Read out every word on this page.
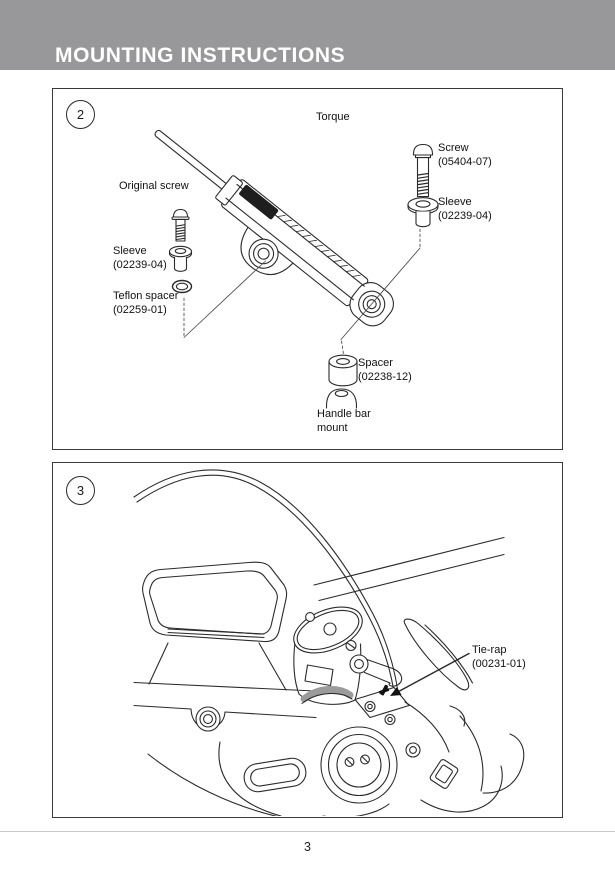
MOUNTING INSTRUCTIONS
2	Torque
Original screw
Screw
(05404-07)
Sleeve
(02239-04)
Sleeve
(02239-04)
Teflon spacer
(02259-01)
Spacer
(02238-12)
Handle bar
mount
3
Tie-rap
(00231-01)
3
